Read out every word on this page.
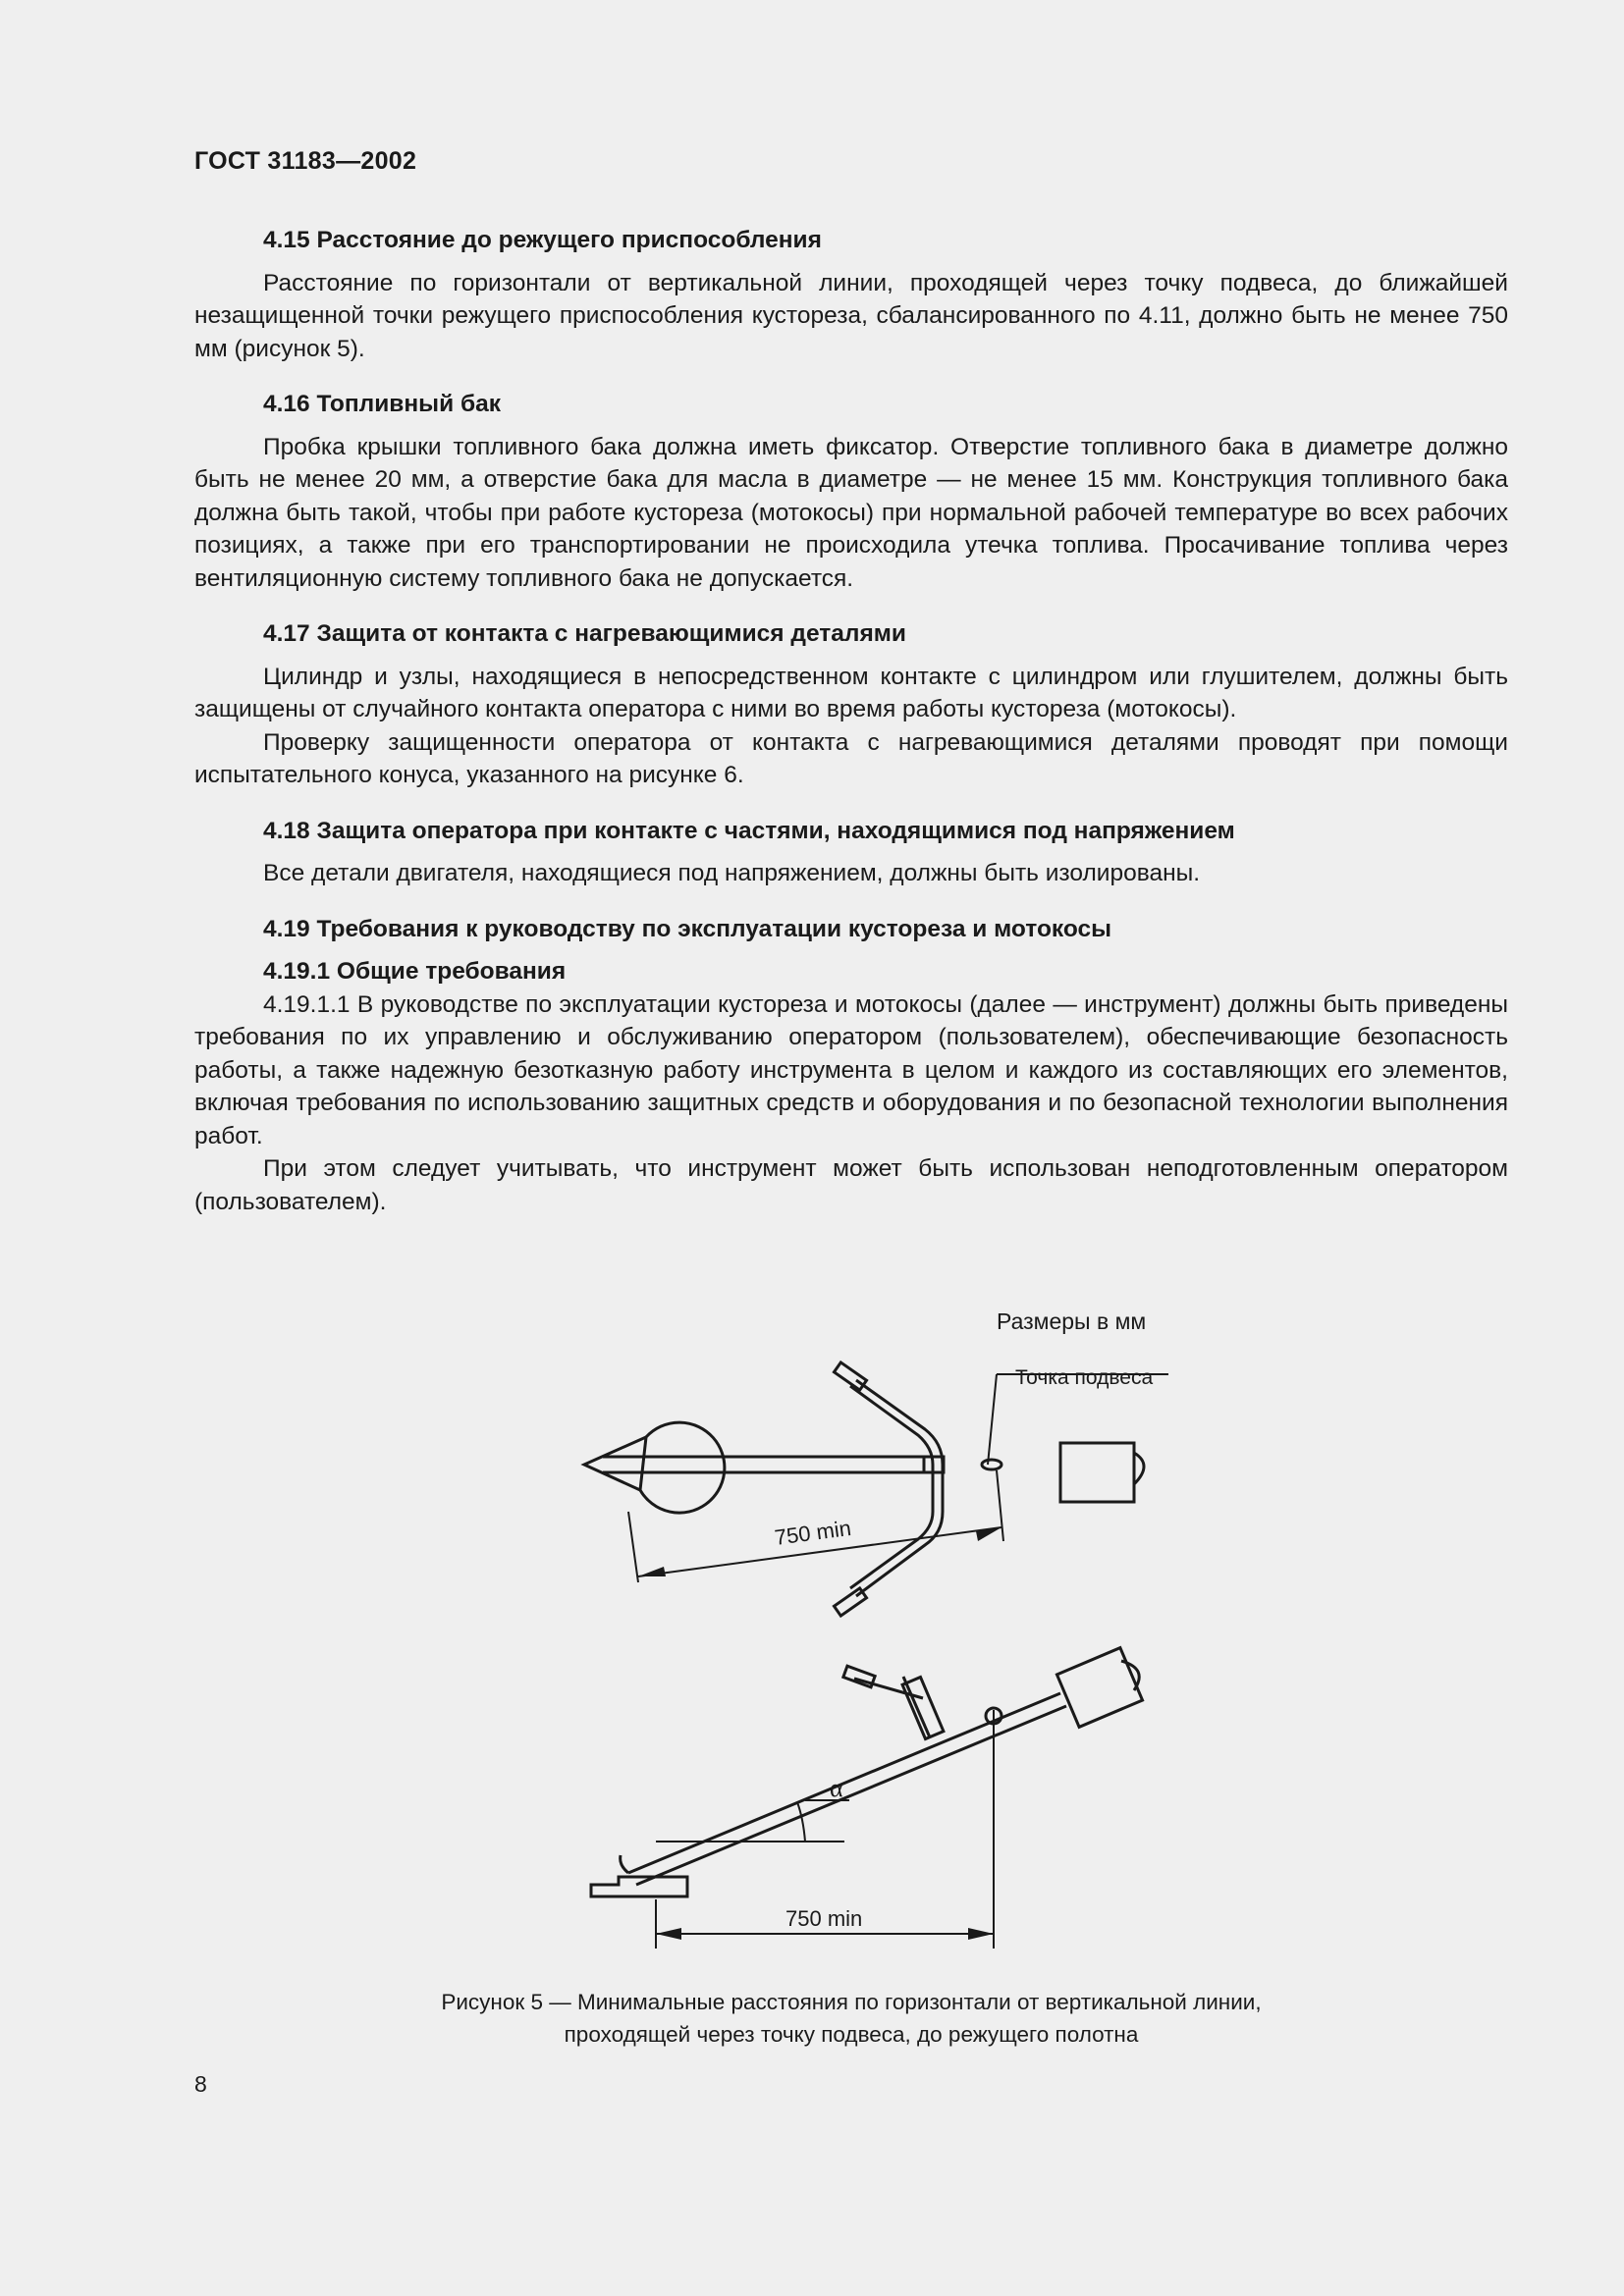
ГОСТ 31183—2002

4.15 Расстояние до режущего приспособления

Расстояние по горизонтали от вертикальной линии, проходящей через точку подвеса, до ближайшей незащищенной точки режущего приспособления кустореза, сбалансированного по 4.11, должно быть не менее 750 мм (рисунок 5).

4.16 Топливный бак

Пробка крышки топливного бака должна иметь фиксатор. Отверстие топливного бака в диаметре должно быть не менее 20 мм, а отверстие бака для масла в диаметре — не менее 15 мм. Конструкция топливного бака должна быть такой, чтобы при работе кустореза (мотокосы) при нормальной рабочей температуре во всех рабочих позициях, а также при его транспортировании не происходила утечка топлива. Просачивание топлива через вентиляционную систему топливного бака не допускается.

4.17 Защита от контакта с нагревающимися деталями

Цилиндр и узлы, находящиеся в непосредственном контакте с цилиндром или глушителем, должны быть защищены от случайного контакта оператора с ними во время работы кустореза (мотокосы).

Проверку защищенности оператора от контакта с нагревающимися деталями проводят при помощи испытательного конуса, указанного на рисунке 6.

4.18 Защита оператора при контакте с частями, находящимися под напряжением

Все детали двигателя, находящиеся под напряжением, должны быть изолированы.

4.19 Требования к руководству по эксплуатации кустореза и мотокосы

4.19.1 Общие требования

4.19.1.1 В руководстве по эксплуатации кустореза и мотокосы (далее — инструмент) должны быть приведены требования по их управлению и обслуживанию оператором (пользователем), обеспечивающие безопасность работы, а также надежную безотказную работу инструмента в целом и каждого из составляющих его элементов, включая требования по использованию защитных средств и оборудования и по безопасной технологии выполнения работ.

При этом следует учитывать, что инструмент может быть использован неподготовленным оператором (пользователем).

Размеры в мм
750 min
Точка подвеса
α
750 min
Рисунок 5 — Минимальные расстояния по горизонтали от вертикальной линии,
проходящей через точку подвеса, до режущего полотна
8
